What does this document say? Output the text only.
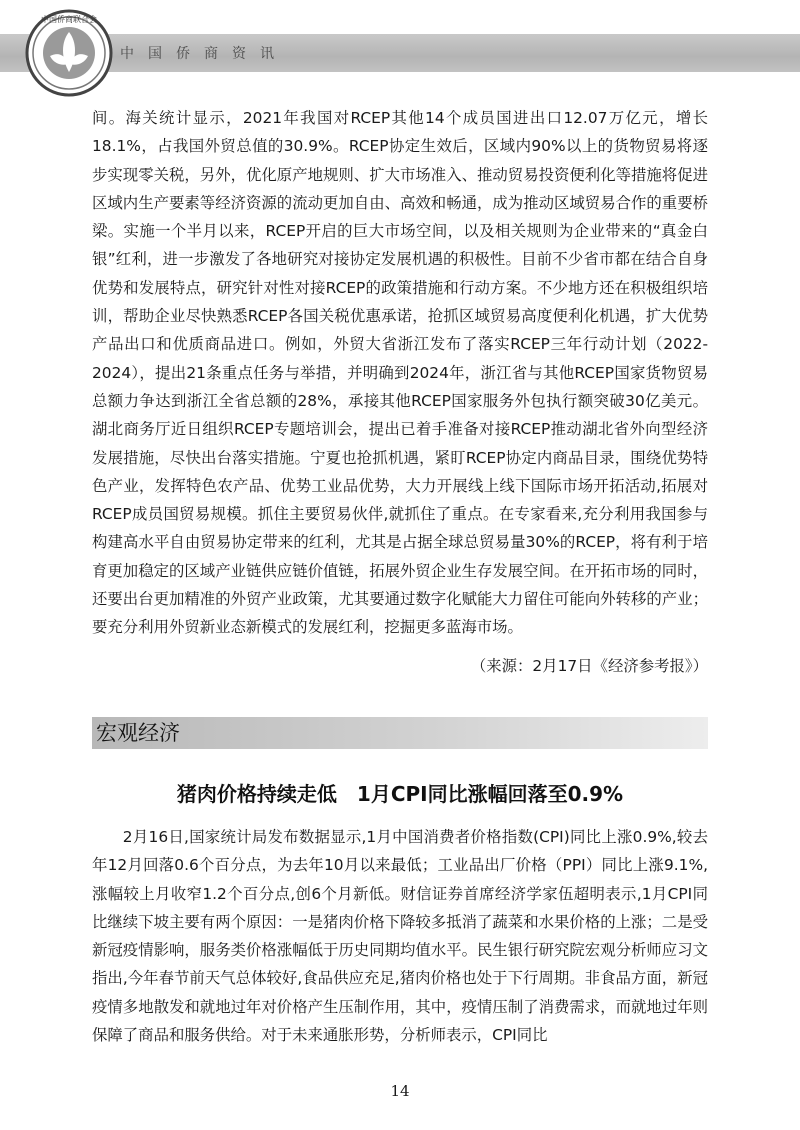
中国侨商联合会
中国侨商资讯

间。海关统计显示，2021年我国对RCEP其他14个成员国进出口12.07万亿元，增长18.1%，占我国外贸总值的30.9%。RCEP协定生效后，区域内90%以上的货物贸易将逐步实现零关税，另外，优化原产地规则、扩大市场准入、推动贸易投资便利化等措施将促进区域内生产要素等经济资源的流动更加自由、高效和畅通，成为推动区域贸易合作的重要桥梁。实施一个半月以来，RCEP开启的巨大市场空间，以及相关规则为企业带来的“真金白银”红利，进一步激发了各地研究对接协定发展机遇的积极性。目前不少省市都在结合自身优势和发展特点，研究针对性对接RCEP的政策措施和行动方案。不少地方还在积极组织培训，帮助企业尽快熟悉RCEP各国关税优惠承诺，抢抓区域贸易高度便利化机遇，扩大优势产品出口和优质商品进口。例如，外贸大省浙江发布了落实RCEP三年行动计划（2022-2024），提出21条重点任务与举措，并明确到2024年，浙江省与其他RCEP国家货物贸易总额力争达到浙江全省总额的28%，承接其他RCEP国家服务外包执行额突破30亿美元。湖北商务厅近日组织RCEP专题培训会，提出已着手准备对接RCEP推动湖北省外向型经济发展措施，尽快出台落实措施。宁夏也抢抓机遇，紧盯RCEP协定内商品目录，围绕优势特色产业，发挥特色农产品、优势工业品优势，大力开展线上线下国际市场开拓活动,拓展对RCEP成员国贸易规模。抓住主要贸易伙伴,就抓住了重点。在专家看来,充分利用我国参与构建高水平自由贸易协定带来的红利，尤其是占据全球总贸易量30%的RCEP，将有利于培育更加稳定的区域产业链供应链价值链，拓展外贸企业生存发展空间。在开拓市场的同时，还要出台更加精准的外贸产业政策，尤其要通过数字化赋能大力留住可能向外转移的产业；要充分利用外贸新业态新模式的发展红利，挖掘更多蓝海市场。

（来源：2月17日《经济参考报》）
宏观经济
猪肉价格持续走低　1月CPI同比涨幅回落至0.9%

2月16日,国家统计局发布数据显示,1月中国消费者价格指数(CPI)同比上涨0.9%,较去年12月回落0.6个百分点，为去年10月以来最低；工业品出厂价格（PPI）同比上涨9.1%,涨幅较上月收窄1.2个百分点,创6个月新低。财信证券首席经济学家伍超明表示,1月CPI同比继续下坡主要有两个原因：一是猪肉价格下降较多抵消了蔬菜和水果价格的上涨；二是受新冠疫情影响，服务类价格涨幅低于历史同期均值水平。民生银行研究院宏观分析师应习文指出,今年春节前天气总体较好,食品供应充足,猪肉价格也处于下行周期。非食品方面，新冠疫情多地散发和就地过年对价格产生压制作用，其中，疫情压制了消费需求，而就地过年则保障了商品和服务供给。对于未来通胀形势，分析师表示，CPI同比

14
